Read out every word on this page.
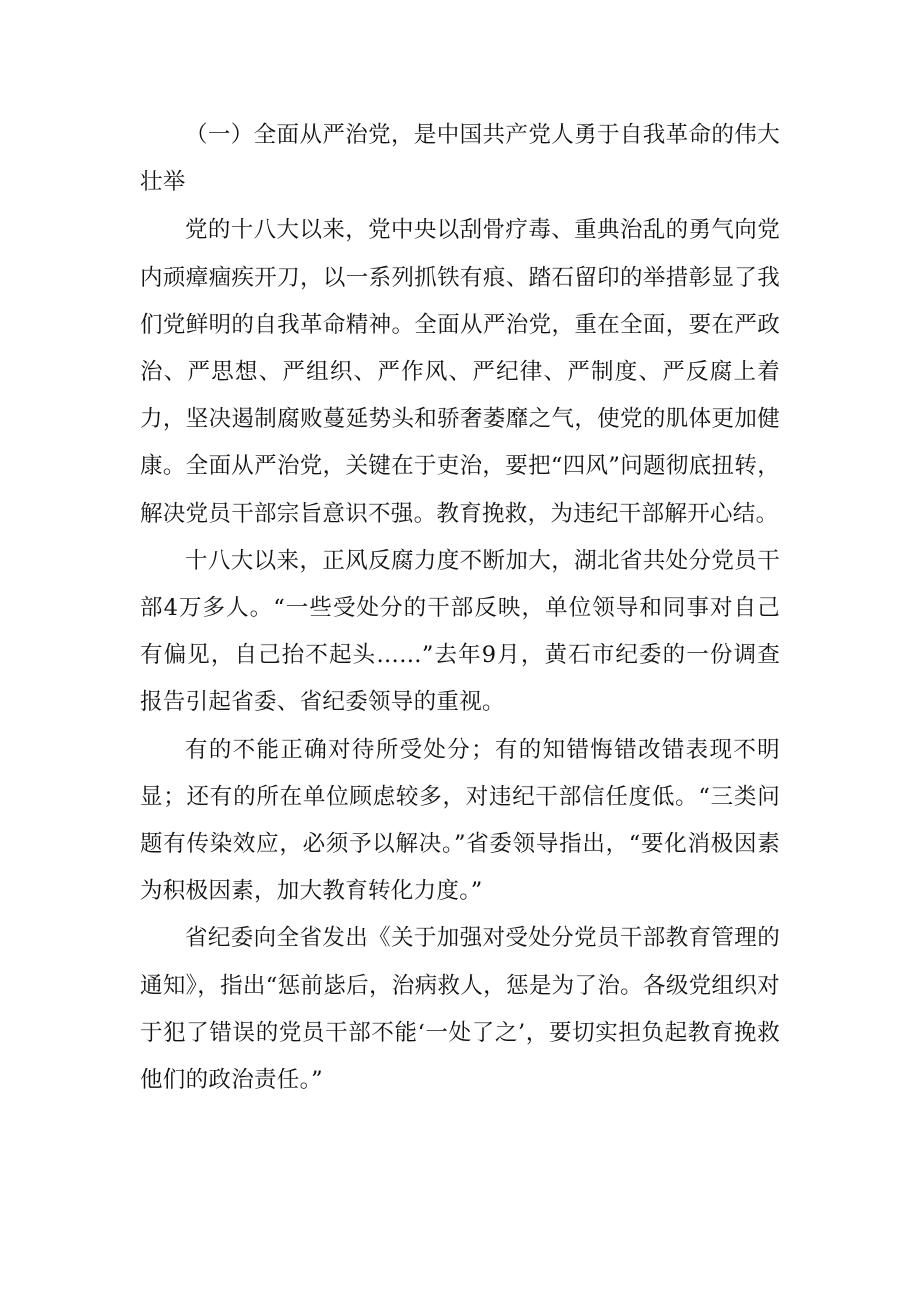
（一）全面从严治党，是中国共产党人勇于自我革命的伟大壮举

党的十八大以来，党中央以刮骨疗毒、重典治乱的勇气向党内顽瘴痼疾开刀，以一系列抓铁有痕、踏石留印的举措彰显了我们党鲜明的自我革命精神。全面从严治党，重在全面，要在严政治、严思想、严组织、严作风、严纪律、严制度、严反腐上着力，坚决遏制腐败蔓延势头和骄奢萎靡之气，使党的肌体更加健康。全面从严治党，关键在于吏治，要把“四风”问题彻底扭转，解决党员干部宗旨意识不强。教育挽救，为违纪干部解开心结。

十八大以来，正风反腐力度不断加大，湖北省共处分党员干部4万多人。“一些受处分的干部反映，单位领导和同事对自己有偏见，自己抬不起头……”去年9月，黄石市纪委的一份调查报告引起省委、省纪委领导的重视。

有的不能正确对待所受处分；有的知错悔错改错表现不明显；还有的所在单位顾虑较多，对违纪干部信任度低。“三类问题有传染效应，必须予以解决。”省委领导指出，“要化消极因素为积极因素，加大教育转化力度。”

省纪委向全省发出《关于加强对受处分党员干部教育管理的通知》，指出“惩前毖后，治病救人，惩是为了治。各级党组织对于犯了错误的党员干部不能‘一处了之’，要切实担负起教育挽救他们的政治责任。”
